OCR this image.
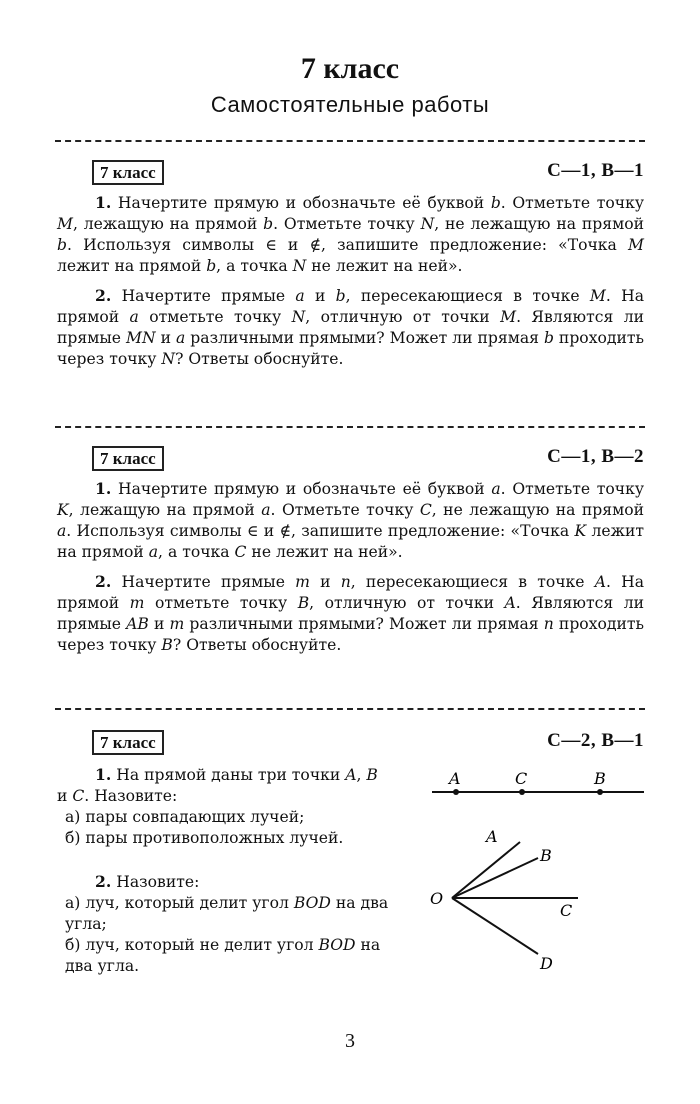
7 класс
Самостоятельные работы
7 класс	С—1, В—1

1. Начертите прямую и обозначьте её буквой b. Отметьте точку M, лежащую на прямой b. Отметьте точку N, не лежащую на прямой b. Используя символы ∈ и ∉, запишите предложение: «Точка M лежит на прямой b, а точка N не лежит на ней».

2. Начертите прямые a и b, пересекающиеся в точке M. На прямой a отметьте точку N, отличную от точки M. Являются ли прямые MN и a различными прямыми? Может ли прямая b проходить через точку N? Ответы обоснуйте.

7 класс	С—1, В—2

1. Начертите прямую и обозначьте её буквой a. Отметьте точку K, лежащую на прямой a. Отметьте точку C, не лежащую на прямой a. Используя символы ∈ и ∉, запишите предложение: «Точка K лежит на прямой a, а точка C не лежит на ней».

2. Начертите прямые m и n, пересекающиеся в точке A. На прямой m отметьте точку B, отличную от точки A. Являются ли прямые AB и m различными прямыми? Может ли прямая n проходить через точку B? Ответы обоснуйте.

7 класс	С—2, В—1

1. На прямой даны три точки A, B и C. Назовите:

а) пары совпадающих лучей;

б) пары противоположных лучей.

2. Назовите:

а) луч, который делит угол BOD на два угла;

б) луч, который не делит угол BOD на два угла.

A	C	B
O
A
B
C
D
3
